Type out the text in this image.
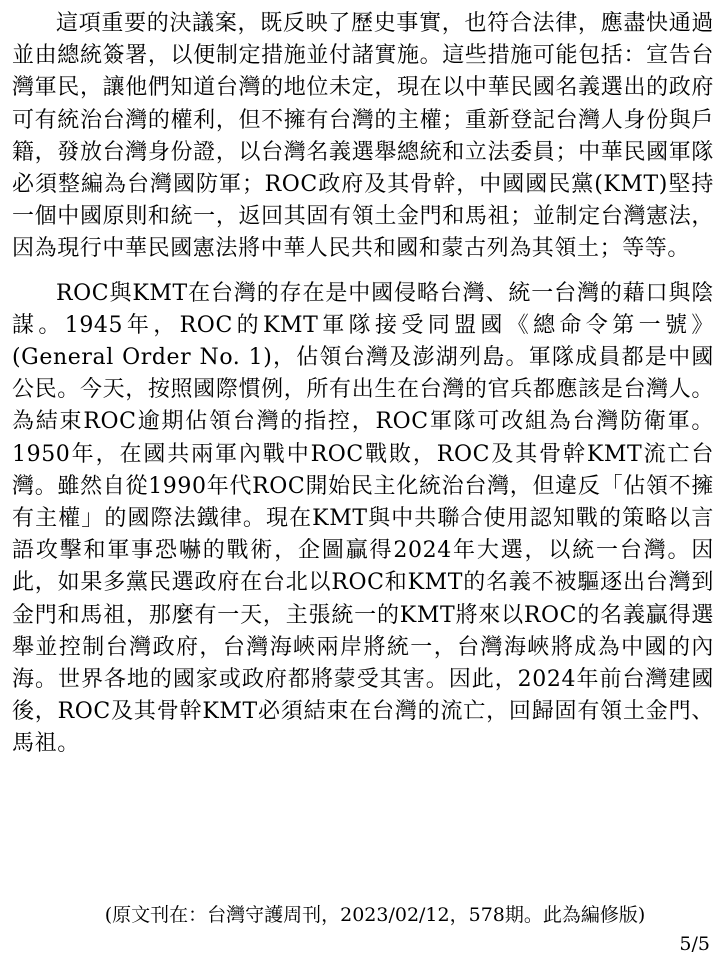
這項重要的決議案，既反映了歷史事實，也符合法律，應盡快通過並由總統簽署，以便制定措施並付諸實施。這些措施可能包括：宣告台灣軍民，讓他們知道台灣的地位未定，現在以中華民國名義選出的政府可有統治台灣的權利，但不擁有台灣的主權；重新登記台灣人身份與戶籍，發放台灣身份證，以台灣名義選舉總統和立法委員；中華民國軍隊必須整編為台灣國防軍；ROC政府及其骨幹，中國國民黨(KMT)堅持一個中國原則和統一，返回其固有領土金門和馬祖；並制定台灣憲法，因為現行中華民國憲法將中華人民共和國和蒙古列為其領土；等等。

ROC與KMT在台灣的存在是中國侵略台灣、統一台灣的藉口與陰謀。1945年，ROC的KMT軍隊接受同盟國《總命令第一號》(General Order No. 1)，佔領台灣及澎湖列島。軍隊成員都是中國公民。今天，按照國際慣例，所有出生在台灣的官兵都應該是台灣人。為結束ROC逾期佔領台灣的指控，ROC軍隊可改組為台灣防衛軍。1950年，在國共兩軍內戰中ROC戰敗，ROC及其骨幹KMT流亡台灣。雖然自從1990年代ROC開始民主化統治台灣，但違反「佔領不擁有主權」的國際法鐵律。現在KMT與中共聯合使用認知戰的策略以言語攻擊和軍事恐嚇的戰術，企圖贏得2024年大選，以統一台灣。因此，如果多黨民選政府在台北以ROC和KMT的名義不被驅逐出台灣到金門和馬祖，那麼有一天，主張統一的KMT將來以ROC的名義贏得選舉並控制台灣政府，台灣海峽兩岸將統一，台灣海峽將成為中國的內海。世界各地的國家或政府都將蒙受其害。因此，2024年前台灣建國後，ROC及其骨幹KMT必須結束在台灣的流亡，回歸固有領土金門、馬祖。

(原文刊在：台灣守護周刊，2023/02/12，578期。此為編修版)
5/5
